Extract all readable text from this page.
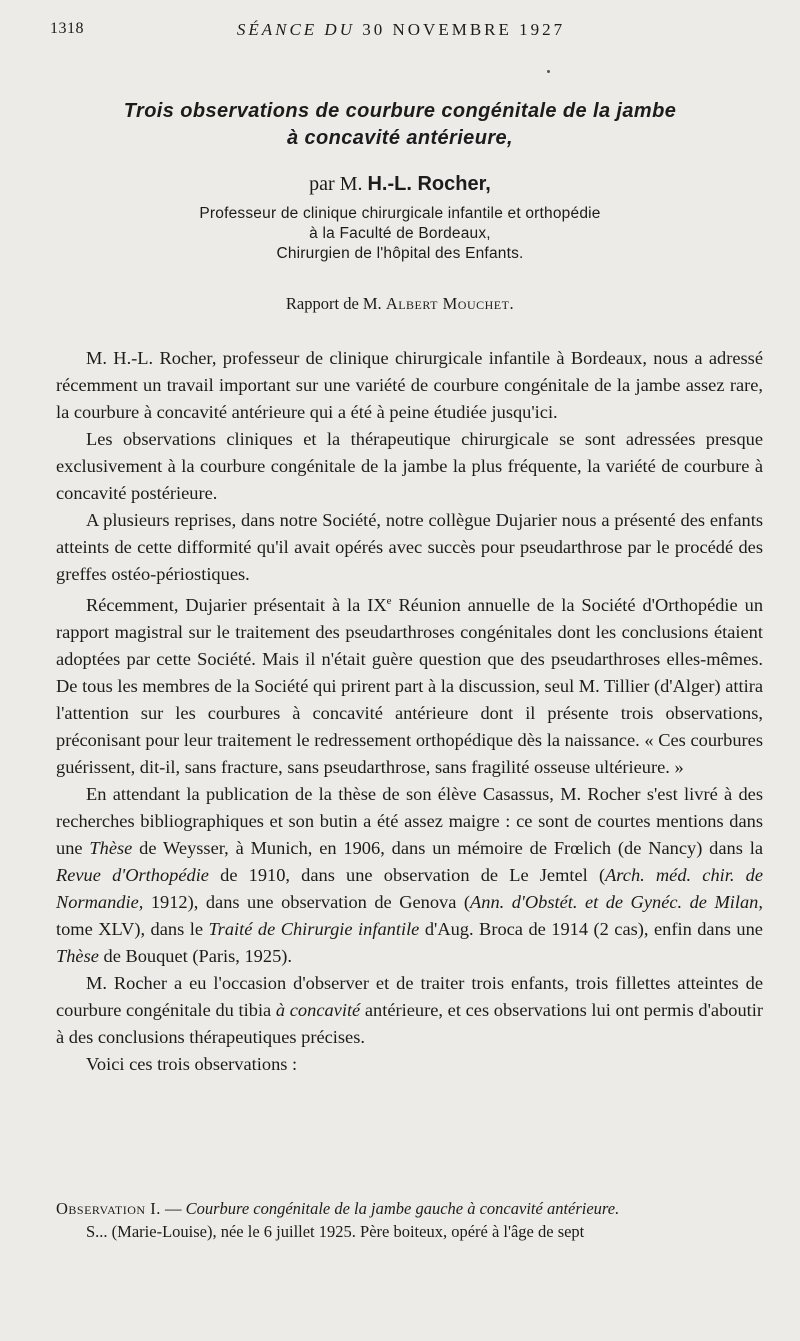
1318	SÉANCE DU 30 NOVEMBRE 1927
Trois observations de courbure congénitale de la jambe
à concavité antérieure,
par M. H.-L. Rocher,
Professeur de clinique chirurgicale infantile et orthopédie
à la Faculté de Bordeaux,
Chirurgien de l'hôpital des Enfants.
Rapport de M. Albert Mouchet.

M. H.-L. Rocher, professeur de clinique chirurgicale infantile à Bordeaux, nous a adressé récemment un travail important sur une variété de courbure congénitale de la jambe assez rare, la courbure à concavité antérieure qui a été à peine étudiée jusqu'ici.

Les observations cliniques et la thérapeutique chirurgicale se sont adressées presque exclusivement à la courbure congénitale de la jambe la plus fréquente, la variété de courbure à concavité postérieure.

A plusieurs reprises, dans notre Société, notre collègue Dujarier nous a présenté des enfants atteints de cette difformité qu'il avait opérés avec succès pour pseudarthrose par le procédé des greffes ostéo-périostiques.

Récemment, Dujarier présentait à la IXe Réunion annuelle de la Société d'Orthopédie un rapport magistral sur le traitement des pseudarthroses congénitales dont les conclusions étaient adoptées par cette Société. Mais il n'était guère question que des pseudarthroses elles-mêmes. De tous les membres de la Société qui prirent part à la discussion, seul M. Tillier (d'Alger) attira l'attention sur les courbures à concavité antérieure dont il présente trois observations, préconisant pour leur traitement le redressement orthopédique dès la naissance. « Ces courbures guérissent, dit-il, sans fracture, sans pseudarthrose, sans fragilité osseuse ultérieure. »

En attendant la publication de la thèse de son élève Casassus, M. Rocher s'est livré à des recherches bibliographiques et son butin a été assez maigre : ce sont de courtes mentions dans une Thèse de Weysser, à Munich, en 1906, dans un mémoire de Frœlich (de Nancy) dans la Revue d'Orthopédie de 1910, dans une observation de Le Jemtel (Arch. méd. chir. de Normandie, 1912), dans une observation de Genova (Ann. d'Obstét. et de Gynéc. de Milan, tome XLV), dans le Traité de Chirurgie infantile d'Aug. Broca de 1914 (2 cas), enfin dans une Thèse de Bouquet (Paris, 1925).

M. Rocher a eu l'occasion d'observer et de traiter trois enfants, trois fillettes atteintes de courbure congénitale du tibia à concavité antérieure, et ces observations lui ont permis d'aboutir à des conclusions thérapeutiques précises.

Voici ces trois observations :

Observation I. — Courbure congénitale de la jambe gauche à concavité antérieure.
S... (Marie-Louise), née le 6 juillet 1925. Père boiteux, opéré à l'âge de sept
